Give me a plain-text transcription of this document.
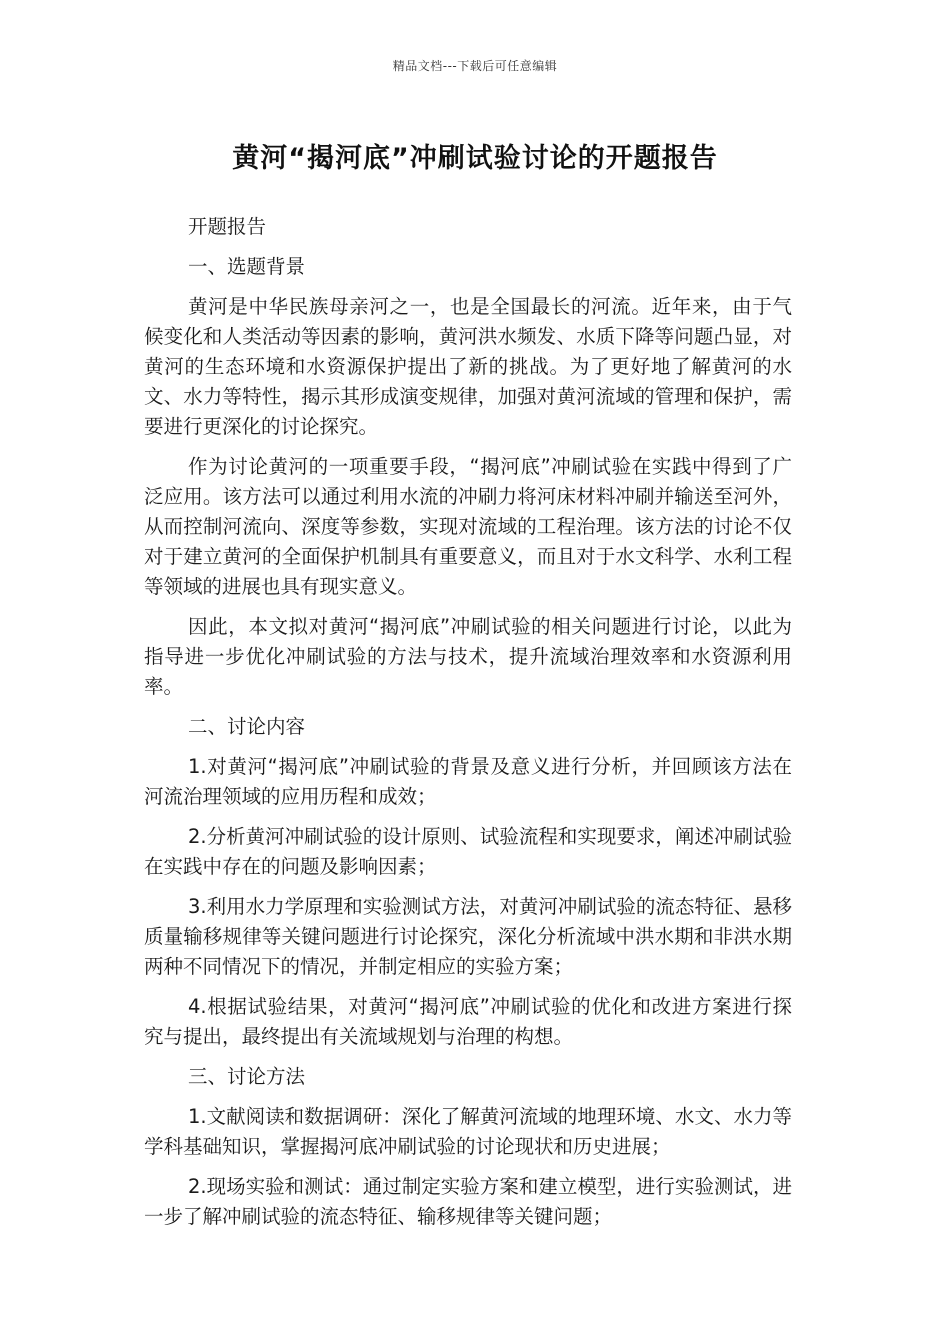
精品文档---下载后可任意编辑
黄河“揭河底”冲刷试验讨论的开题报告

开题报告

一、选题背景

黄河是中华民族母亲河之一，也是全国最长的河流。近年来，由于气候变化和人类活动等因素的影响，黄河洪水频发、水质下降等问题凸显，对黄河的生态环境和水资源保护提出了新的挑战。为了更好地了解黄河的水文、水力等特性，揭示其形成演变规律，加强对黄河流域的管理和保护，需要进行更深化的讨论探究。

作为讨论黄河的一项重要手段，“揭河底”冲刷试验在实践中得到了广泛应用。该方法可以通过利用水流的冲刷力将河床材料冲刷并输送至河外，从而控制河流向、深度等参数，实现对流域的工程治理。该方法的讨论不仅对于建立黄河的全面保护机制具有重要意义，而且对于水文科学、水利工程等领域的进展也具有现实意义。

因此，本文拟对黄河“揭河底”冲刷试验的相关问题进行讨论，以此为指导进一步优化冲刷试验的方法与技术，提升流域治理效率和水资源利用率。

二、讨论内容

1.对黄河“揭河底”冲刷试验的背景及意义进行分析，并回顾该方法在河流治理领域的应用历程和成效；

2.分析黄河冲刷试验的设计原则、试验流程和实现要求，阐述冲刷试验在实践中存在的问题及影响因素；

3.利用水力学原理和实验测试方法，对黄河冲刷试验的流态特征、悬移质量输移规律等关键问题进行讨论探究，深化分析流域中洪水期和非洪水期两种不同情况下的情况，并制定相应的实验方案；

4.根据试验结果，对黄河“揭河底”冲刷试验的优化和改进方案进行探究与提出，最终提出有关流域规划与治理的构想。

三、讨论方法

1.文献阅读和数据调研：深化了解黄河流域的地理环境、水文、水力等学科基础知识，掌握揭河底冲刷试验的讨论现状和历史进展；

2.现场实验和测试：通过制定实验方案和建立模型，进行实验测试，进一步了解冲刷试验的流态特征、输移规律等关键问题；
